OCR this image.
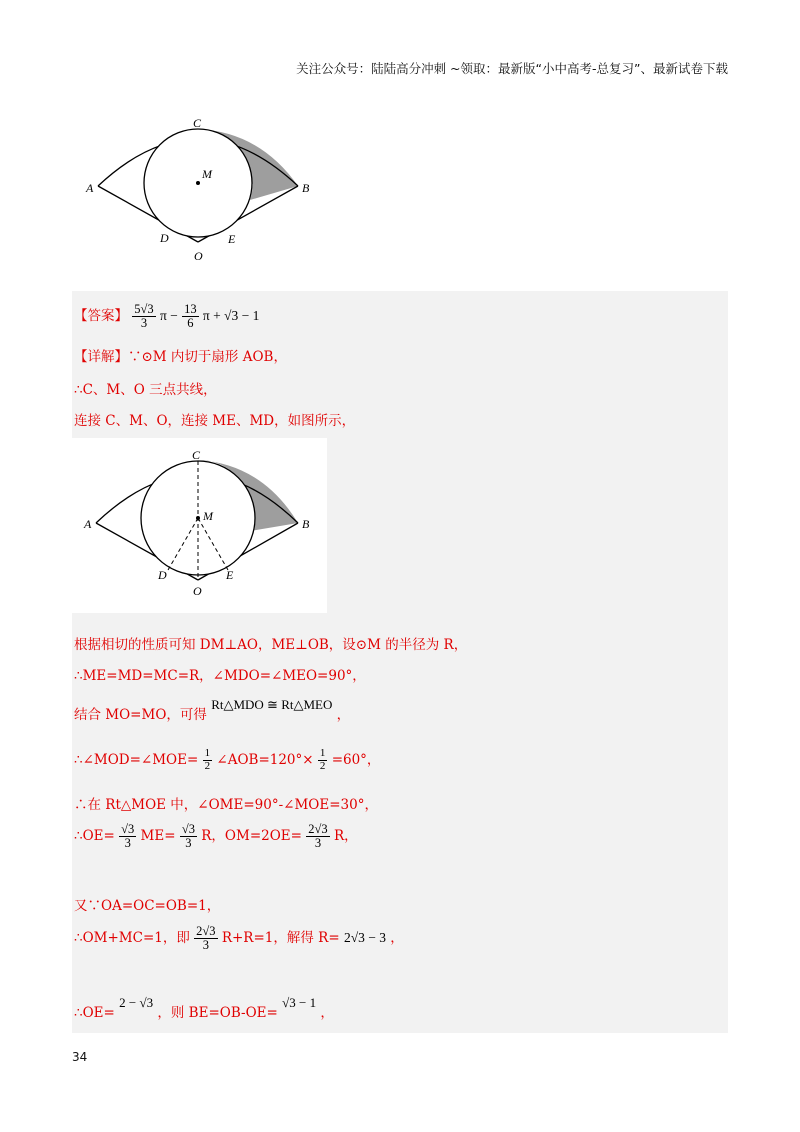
关注公众号：陆陆高分冲刺 ~领取：最新版“小中高考-总复习”、最新试卷下载
C
M
A	B
D	E
O
【答案】 $\frac{5√3}{3}$ $\pi - \frac{13}{6}$ π + √3 − 1
【详解】∵⊙M 内切于扇形 AOB，
∴C、M、O 三点共线，
连接 C、M、O，连接 ME、MD，如图所示，
C
M
A	B
D	E
O
根据相切的性质可知 DM⊥AO，ME⊥OB，设⊙M 的半径为 R，
∴ME=MD=MC=R，∠MDO=∠MEO=90°，
结合 MO=MO，可得 Rt△MDO ≅ Rt△MEO ，
∴∠MOD=∠MOE= $\frac{1}{2}$ ∠AOB=120°× $\frac{1}{2} =60^\circ$，
∴在 Rt△MOE 中，∠OME=90°-∠MOE=30°，
∴OE= $\frac{√3}{3} ME= \frac{√3}{3}$ R，$OM=2OE= \frac{2√3}{3}$ R，
又∵OA=OC=OB=1，
∴OM+MC=1，即 $\frac{2√3}{3} R+R=1$，解得 R= 2√3 − 3 ，
∴OE= 2 − √3 ，则 BE=OB-OE= √3 − 1 ，
34
